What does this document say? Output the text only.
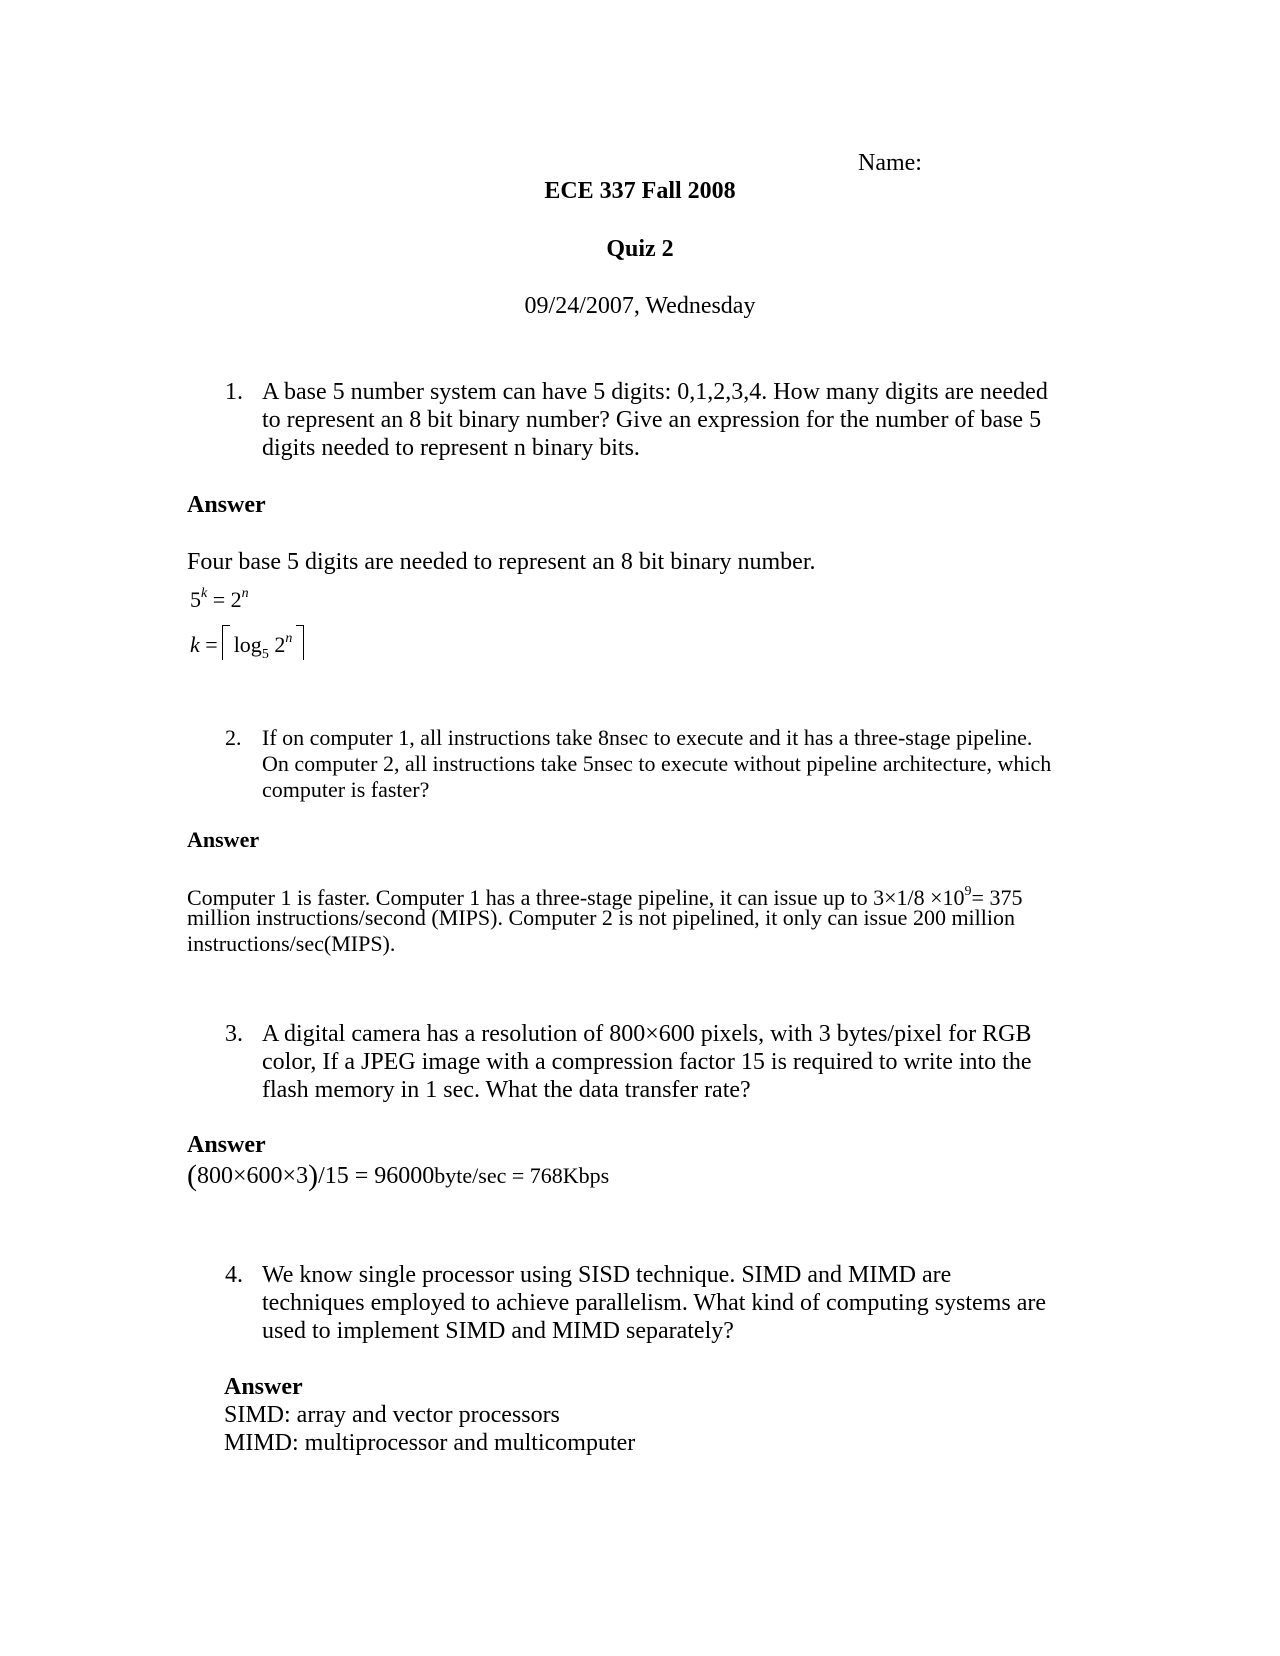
Name:
ECE 337 Fall 2008
Quiz 2
09/24/2007, Wednesday
1. A base 5 number system can have 5 digits: 0,1,2,3,4. How many digits are needed
to represent an 8 bit binary number? Give an expression for the number of base 5
digits needed to represent n binary bits.
Answer
Four base 5 digits are needed to represent an 8 bit binary number.
$5^k = 2^n$
$k = \log_5 2^n$
2. If on computer 1, all instructions take 8nsec to execute and it has a three-stage pipeline.
On computer 2, all instructions take 5nsec to execute without pipeline architecture, which
computer is faster?
Answer
Computer 1 is faster. Computer 1 has a three-stage pipeline, it can issue up to $3\times 1/8 \times 10^9= 375$
million instructions/second (MIPS). Computer 2 is not pipelined, it only can issue 200 million
instructions/sec(MIPS).
3. A digital camera has a resolution of 800×600 pixels, with 3 bytes/pixel for RGB
color, If a JPEG image with a compression factor 15 is required to write into the
flash memory in 1 sec. What the data transfer rate?
Answer
(800×600×3)/15 = 96000byte/sec = 768Kbps
4. We know single processor using SISD technique. SIMD and MIMD are
techniques employed to achieve parallelism. What kind of computing systems are
used to implement SIMD and MIMD separately?
Answer
SIMD: array and vector processors
MIMD: multiprocessor and multicomputer
